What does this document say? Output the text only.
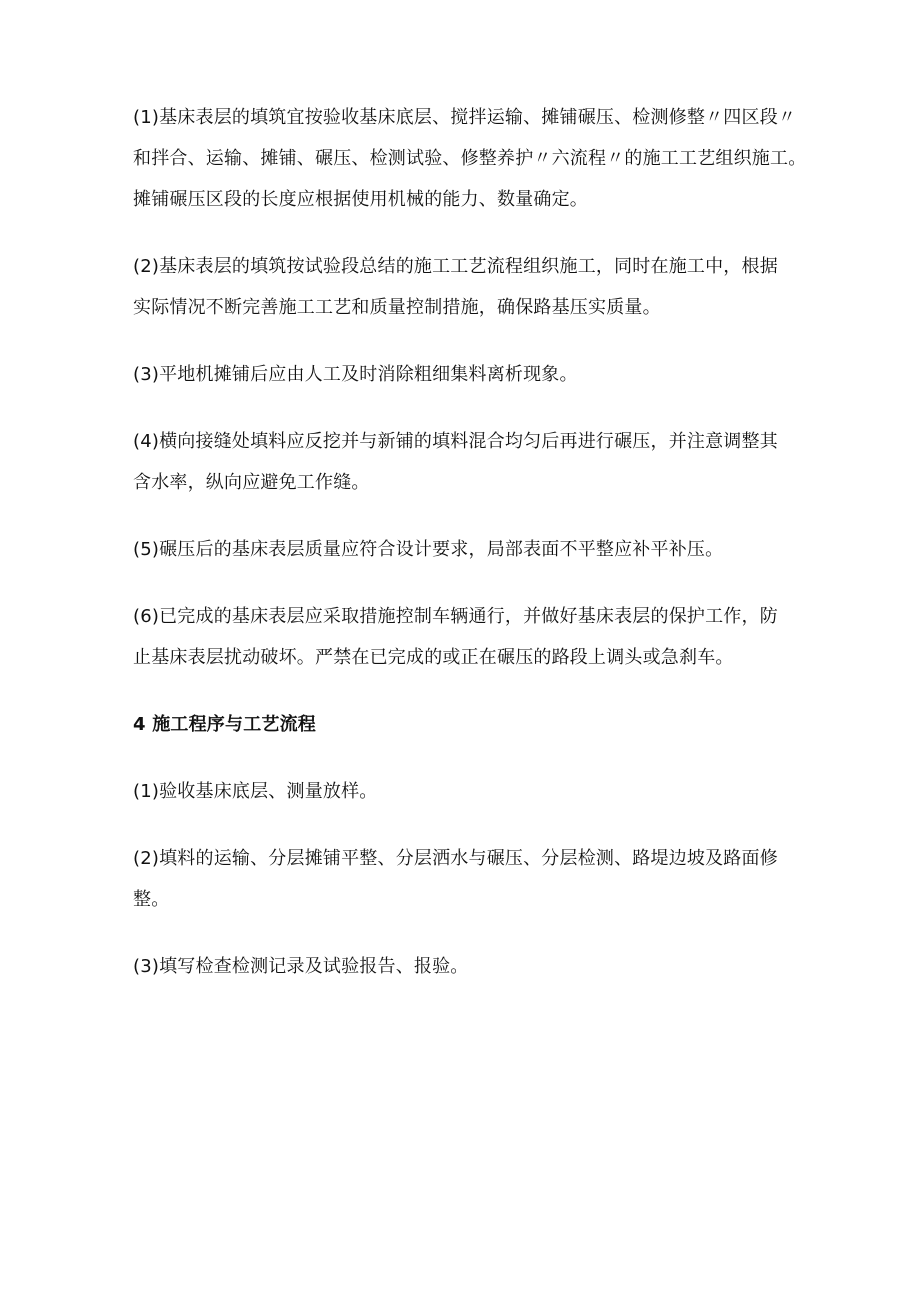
(1)基床表层的填筑宜按验收基床底层、搅拌运输、摊铺碾压、检测修整〃四区段〃
和拌合、运输、摊铺、碾压、检测试验、修整养护〃六流程〃的施工工艺组织施工。
摊铺碾压区段的长度应根据使用机械的能力、数量确定。
(2)基床表层的填筑按试验段总结的施工工艺流程组织施工，同时在施工中，根据
实际情况不断完善施工工艺和质量控制措施，确保路基压实质量。
(3)平地机摊铺后应由人工及时消除粗细集料离析现象。
(4)横向接缝处填料应反挖并与新铺的填料混合均匀后再进行碾压，并注意调整其
含水率，纵向应避免工作缝。
(5)碾压后的基床表层质量应符合设计要求，局部表面不平整应补平补压。
(6)已完成的基床表层应采取措施控制车辆通行，并做好基床表层的保护工作，防
止基床表层扰动破坏。严禁在已完成的或正在碾压的路段上调头或急刹车。
4 施工程序与工艺流程
(1)验收基床底层、测量放样。
(2)填料的运输、分层摊铺平整、分层洒水与碾压、分层检测、路堤边坡及路面修
整。
(3)填写检查检测记录及试验报告、报验。
